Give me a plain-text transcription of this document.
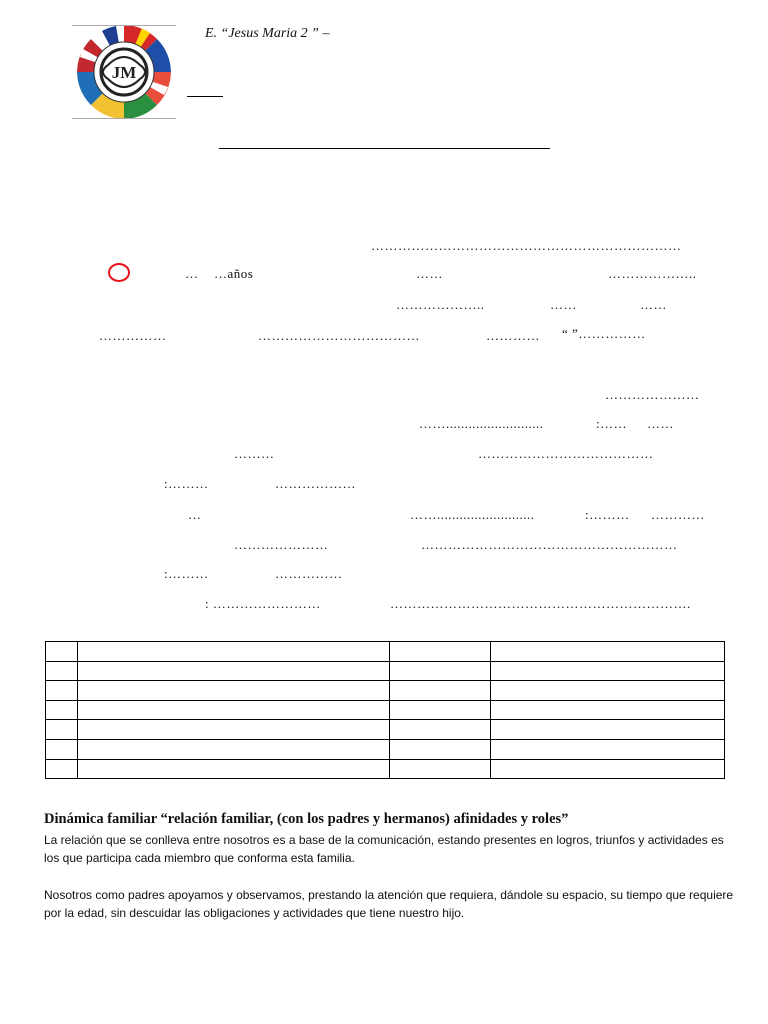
JM
E. “Jesus Maria 2 ” –
……………………………………………………………
… …años	……	………………..
………………..	……	……
……………	………………………………	………… “ ”……………
…………………
……..........................	:…… ……
………	…………………………………
:………	………………
…	……..........................	:……… …………
…………………	…………………………………………………
:………	……………
: ……………………	………………………………………………………….

Dinámica familiar “relación familiar, (con los padres y hermanos) afinidades y roles”
La relación que se conlleva entre nosotros es a base de la comunicación, estando presentes en logros, triunfos y actividades es los que participa cada miembro que conforma esta familia.
Nosotros como padres apoyamos y observamos, prestando la atención que requiera, dándole su espacio, su tiempo que requiere por la edad, sin descuidar las obligaciones y actividades que tiene nuestro hijo.
